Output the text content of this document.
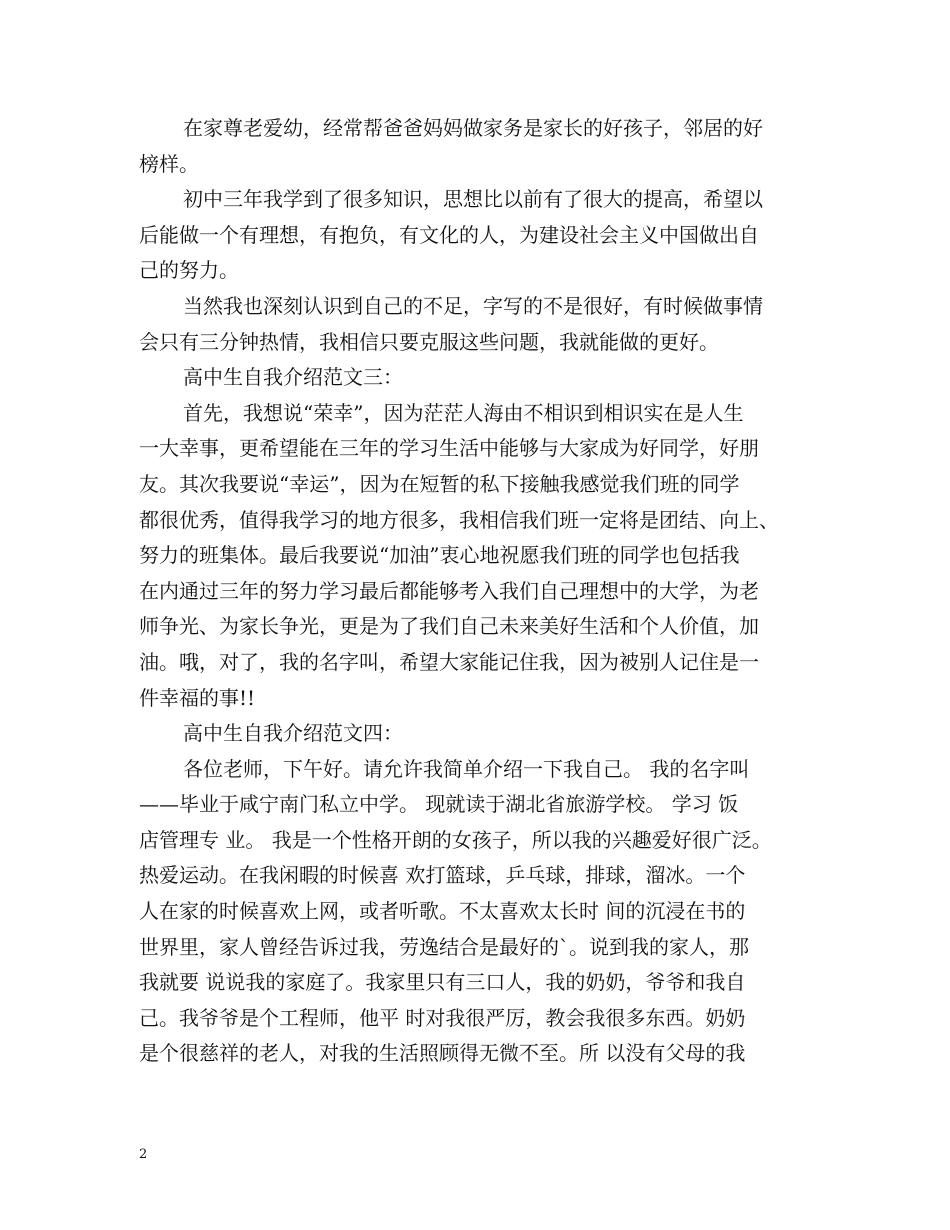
在家尊老爱幼，经常帮爸爸妈妈做家务是家长的好孩子，邻居的好
榜样。
初中三年我学到了很多知识，思想比以前有了很大的提高，希望以
后能做一个有理想，有抱负，有文化的人，为建设社会主义中国做出自
己的努力。
当然我也深刻认识到自己的不足，字写的不是很好，有时候做事情
会只有三分钟热情，我相信只要克服这些问题，我就能做的更好。
高中生自我介绍范文三：
首先，我想说“荣幸”，因为茫茫人海由不相识到相识实在是人生
一大幸事，更希望能在三年的学习生活中能够与大家成为好同学，好朋
友。其次我要说“幸运”，因为在短暂的私下接触我感觉我们班的同学
都很优秀，值得我学习的地方很多，我相信我们班一定将是团结、向上、
努力的班集体。最后我要说“加油”衷心地祝愿我们班的同学也包括我
在内通过三年的努力学习最后都能够考入我们自己理想中的大学，为老
师争光、为家长争光，更是为了我们自己未来美好生活和个人价值，加
油。哦，对了，我的名字叫，希望大家能记住我，因为被别人记住是一
件幸福的事!!
高中生自我介绍范文四：
各位老师，下午好。请允许我简单介绍一下我自己。 我的名字叫
——毕业于咸宁南门私立中学。 现就读于湖北省旅游学校。 学习 饭
店管理专 业。 我是一个性格开朗的女孩子，所以我的兴趣爱好很广泛。
热爱运动。在我闲暇的时候喜 欢打篮球，乒乓球，排球，溜冰。一个
人在家的时候喜欢上网，或者听歌。不太喜欢太长时 间的沉浸在书的
世界里，家人曾经告诉过我，劳逸结合是最好的`。说到我的家人，那
我就要 说说我的家庭了。我家里只有三口人，我的奶奶，爷爷和我自
己。我爷爷是个工程师，他平 时对我很严厉，教会我很多东西。奶奶
是个很慈祥的老人，对我的生活照顾得无微不至。所 以没有父母的我
2
